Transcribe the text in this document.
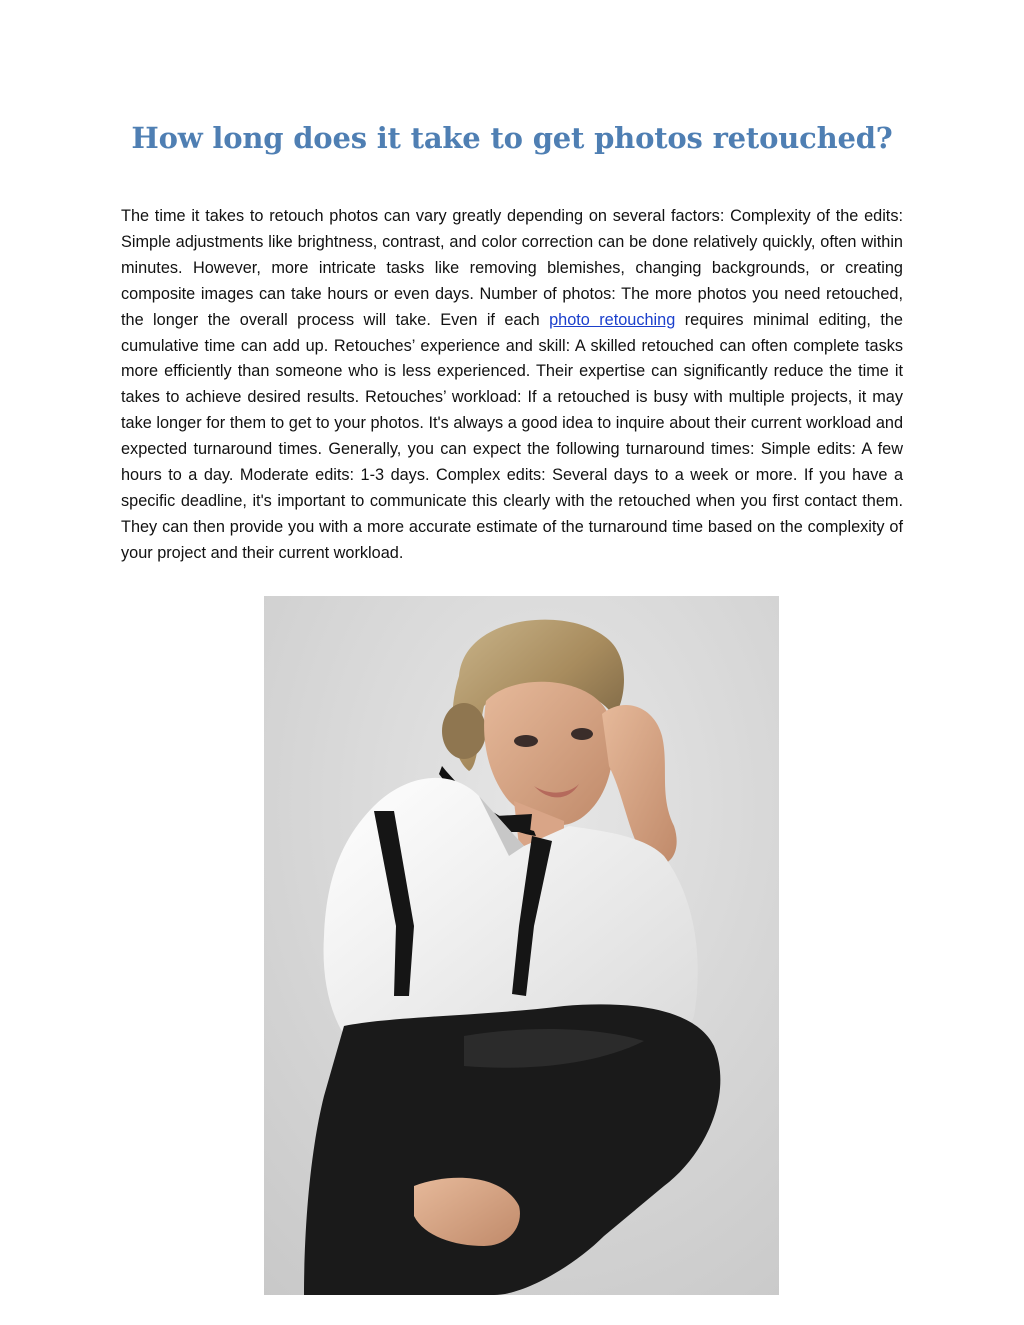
How long does it take to get photos retouched?

The time it takes to retouch photos can vary greatly depending on several factors: Complexity of the edits: Simple adjustments like brightness, contrast, and color correction can be done relatively quickly, often within minutes. However, more intricate tasks like removing blemishes, changing backgrounds, or creating composite images can take hours or even days. Number of photos: The more photos you need retouched, the longer the overall process will take. Even if each photo retouching requires minimal editing, the cumulative time can add up. Retouches’ experience and skill: A skilled retouched can often complete tasks more efficiently than someone who is less experienced. Their expertise can significantly reduce the time it takes to achieve desired results. Retouches’ workload: If a retouched is busy with multiple projects, it may take longer for them to get to your photos. It's always a good idea to inquire about their current workload and expected turnaround times. Generally, you can expect the following turnaround times: Simple edits: A few hours to a day. Moderate edits: 1-3 days. Complex edits: Several days to a week or more. If you have a specific deadline, it's important to communicate this clearly with the retouched when you first contact them. They can then provide you with a more accurate estimate of the turnaround time based on the complexity of your project and their current workload.
